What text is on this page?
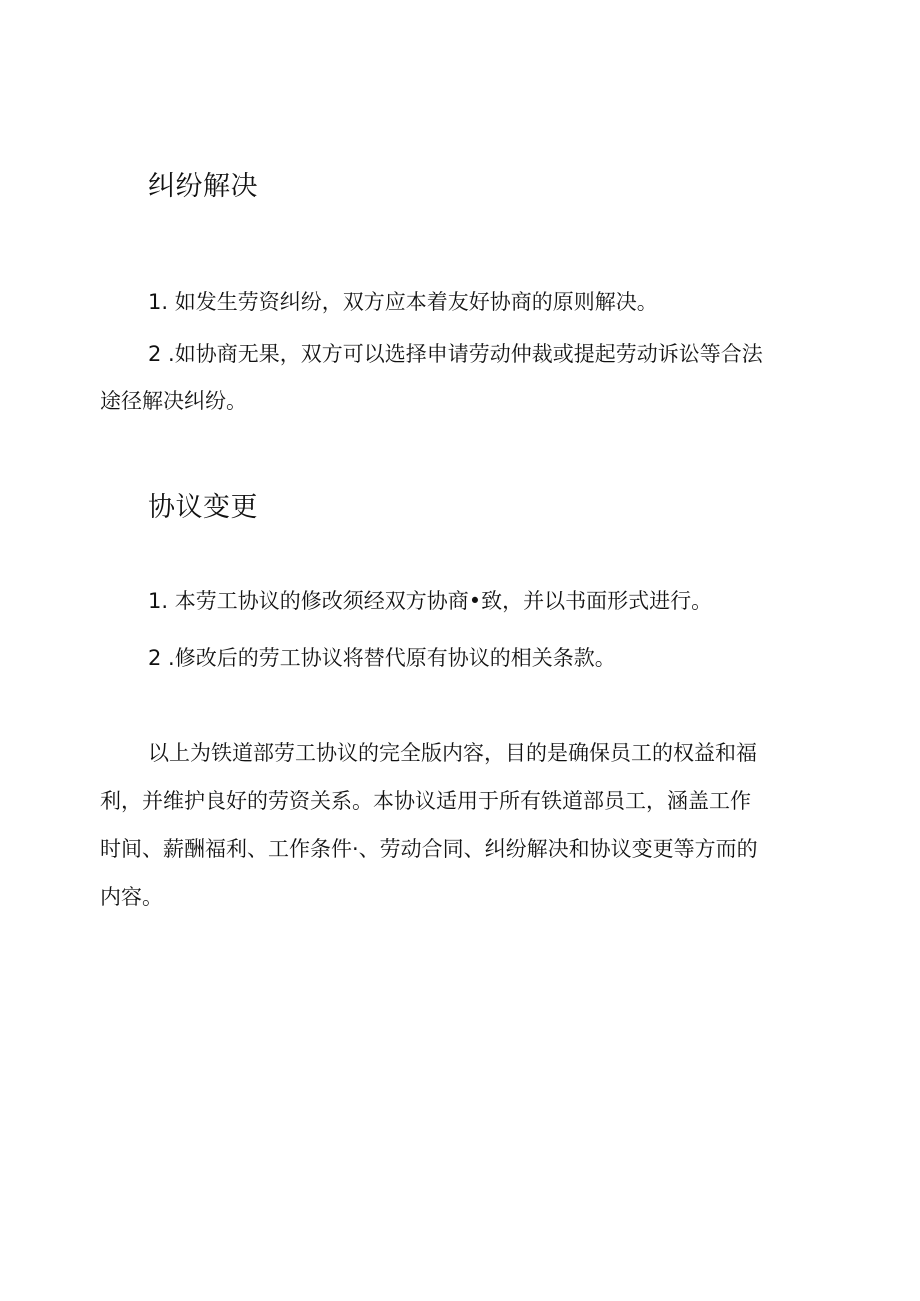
纠纷解决

1. 如发生劳资纠纷，双方应本着友好协商的原则解决。

2 .如协商无果，双方可以选择申请劳动仲裁或提起劳动诉讼等合法

途径解决纠纷。

协议变更

1. 本劳工协议的修改须经双方协商•致，并以书面形式进行。

2 .修改后的劳工协议将替代原有协议的相关条款。

以上为铁道部劳工协议的完全版内容，目的是确保员工的权益和福

利，并维护良好的劳资关系。本协议适用于所有铁道部员工，涵盖工作

时间、薪酬福利、工作条件·、劳动合同、纠纷解决和协议变更等方而的

内容。
